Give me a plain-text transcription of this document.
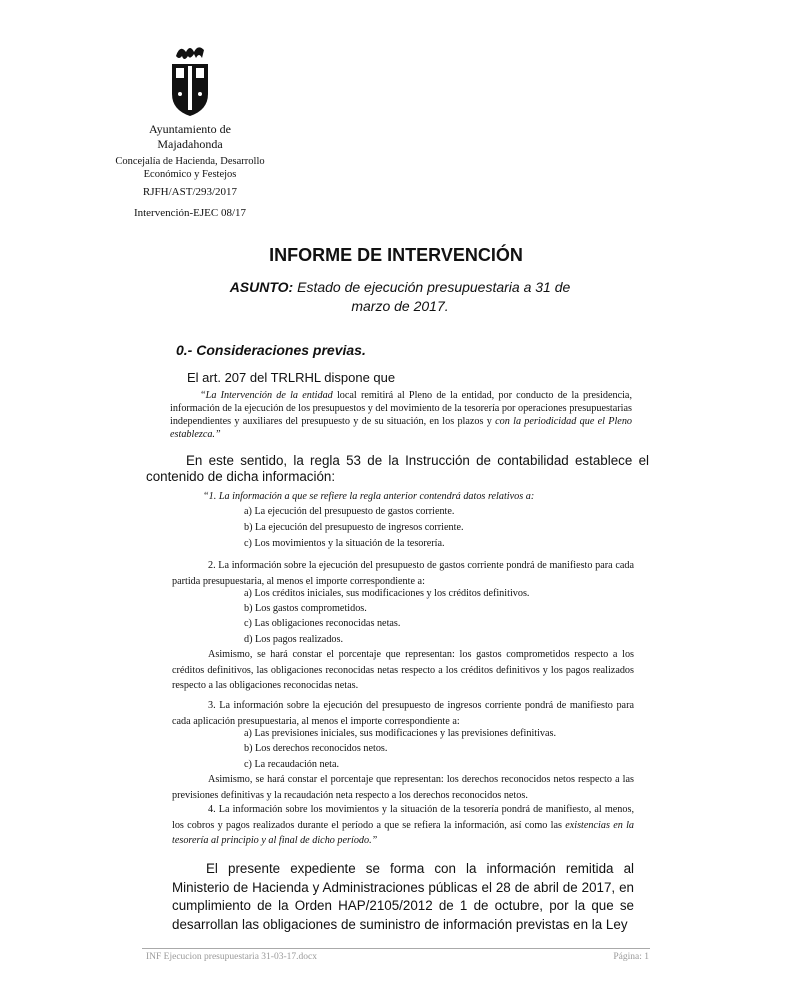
Ayuntamiento de Majadahonda
Concejalía de Hacienda, Desarrollo Económico y Festejos
RJFH/AST/293/2017
Intervención-EJEC 08/17
INFORME DE INTERVENCIÓN
ASUNTO: Estado de ejecución presupuestaria a 31 de marzo de 2017.
0.- Consideraciones previas.
El art. 207 del TRLRHL dispone que
“La Intervención de la entidad local remitirá al Pleno de la entidad, por conducto de la presidencia, información de la ejecución de los presupuestos y del movimiento de la tesorería por operaciones presupuestarias independientes y auxiliares del presupuesto y de su situación, en los plazos y con la periodicidad que el Pleno establezca.”
En este sentido, la regla 53 de la Instrucción de contabilidad establece el contenido de dicha información:
“1. La información a que se refiere la regla anterior contendrá datos relativos a:
a) La ejecución del presupuesto de gastos corriente.
b) La ejecución del presupuesto de ingresos corriente.
c) Los movimientos y la situación de la tesorería.
2. La información sobre la ejecución del presupuesto de gastos corriente pondrá de manifiesto para cada partida presupuestaria, al menos el importe correspondiente a:
a) Los créditos iniciales, sus modificaciones y los créditos definitivos.
b) Los gastos comprometidos.
c) Las obligaciones reconocidas netas.
d) Los pagos realizados.
Asimismo, se hará constar el porcentaje que representan: los gastos comprometidos respecto a los créditos definitivos, las obligaciones reconocidas netas respecto a los créditos definitivos y los pagos realizados respecto a las obligaciones reconocidas netas.
3. La información sobre la ejecución del presupuesto de ingresos corriente pondrá de manifiesto para cada aplicación presupuestaria, al menos el importe correspondiente a:
a) Las previsiones iniciales, sus modificaciones y las previsiones definitivas.
b) Los derechos reconocidos netos.
c) La recaudación neta.
Asimismo, se hará constar el porcentaje que representan: los derechos reconocidos netos respecto a las previsiones definitivas y la recaudación neta respecto a los derechos reconocidos netos.
4. La información sobre los movimientos y la situación de la tesorería pondrá de manifiesto, al menos, los cobros y pagos realizados durante el período a que se refiera la información, así como las existencias en la tesorería al principio y al final de dicho período.”
El presente expediente se forma con la información remitida al Ministerio de Hacienda y Administraciones públicas el 28 de abril de 2017, en cumplimiento de la Orden HAP/2105/2012 de 1 de octubre, por la que se desarrollan las obligaciones de suministro de información previstas en la Ley
INF Ejecucion presupuestaria 31-03-17.docx	Página: 1
